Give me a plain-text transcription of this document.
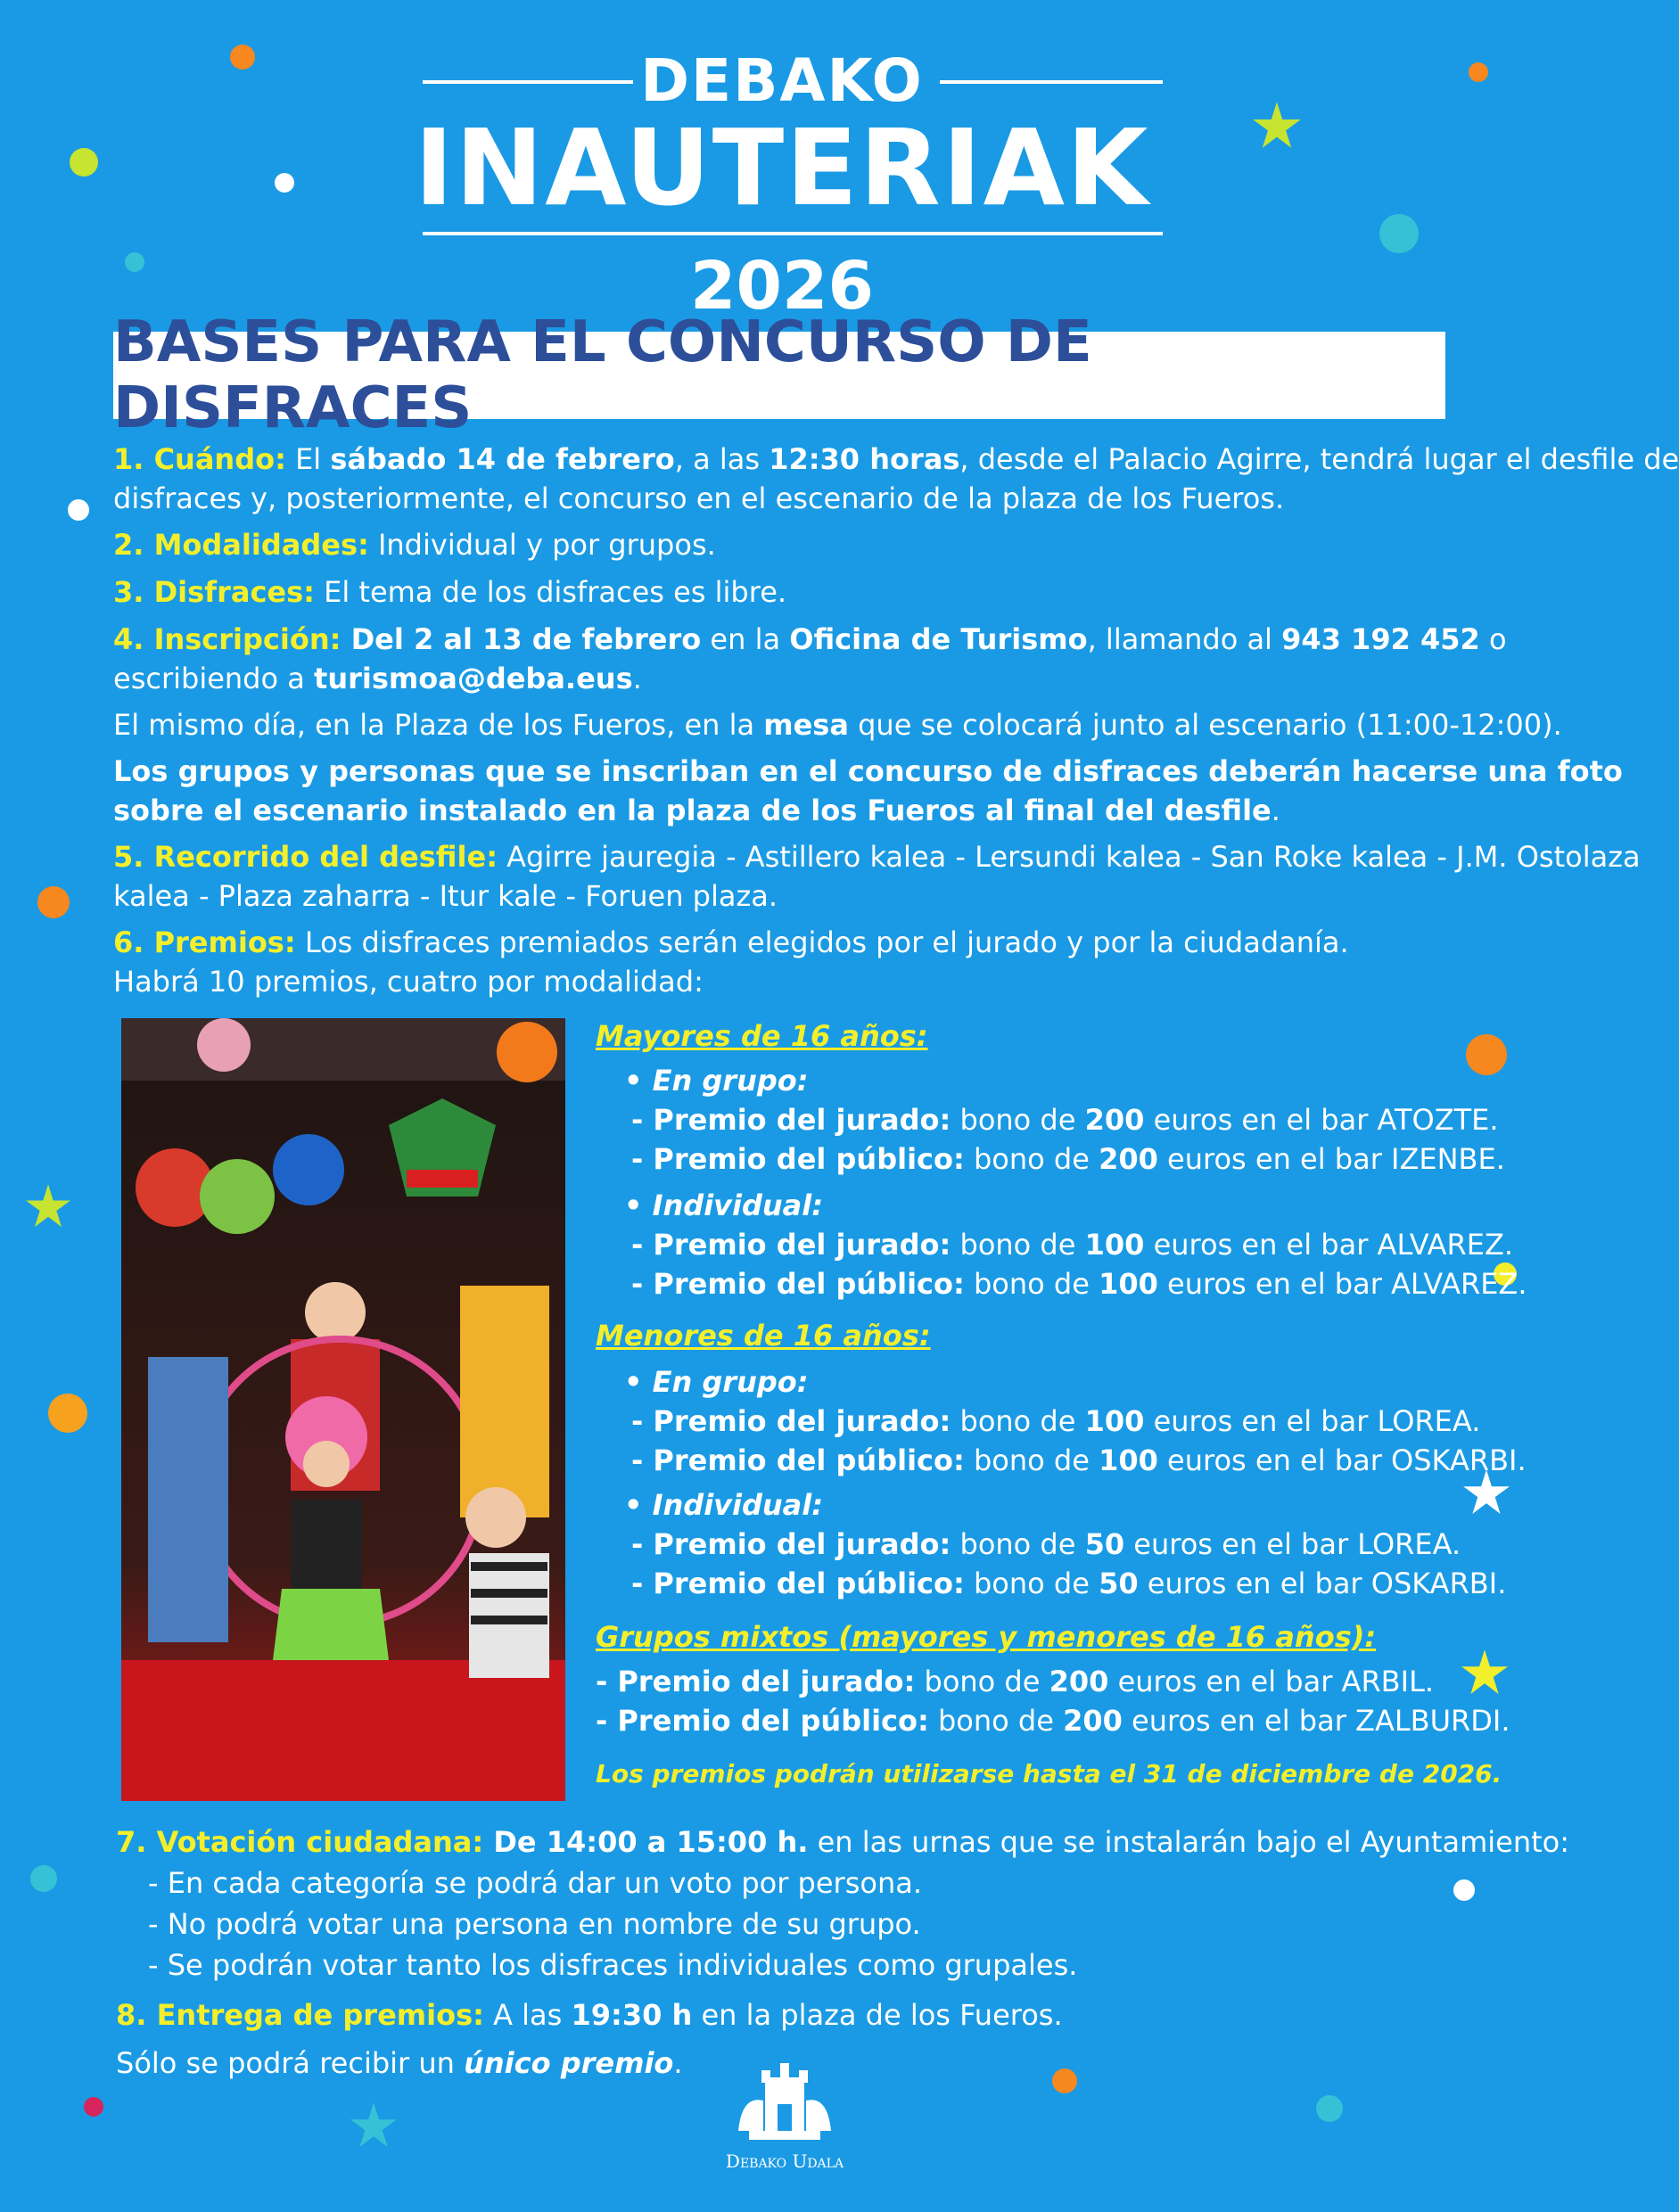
DEBAKO
INAUTERIAK
2026
BASES PARA EL CONCURSO DE DISFRACES
1. Cuándo: El sábado 14 de febrero, a las 12:30 horas, desde el Palacio Agirre, tendrá lugar el desfile de
disfraces y, posteriormente, el concurso en el escenario de la plaza de los Fueros.
2. Modalidades: Individual y por grupos.
3. Disfraces: El tema de los disfraces es libre.
4. Inscripción: Del 2 al 13 de febrero en la Oficina de Turismo, llamando al 943 192 452 o
escribiendo a turismoa@deba.eus.
El mismo día, en la Plaza de los Fueros, en la mesa que se colocará junto al escenario (11:00-12:00).
Los grupos y personas que se inscriban en el concurso de disfraces deberán hacerse una foto
sobre el escenario instalado en la plaza de los Fueros al final del desfile.
5. Recorrido del desfile: Agirre jauregia - Astillero kalea - Lersundi kalea - San Roke kalea - J.M. Ostolaza
kalea - Plaza zaharra - Itur kale - Foruen plaza.
6. Premios: Los disfraces premiados serán elegidos por el jurado y por la ciudadanía.
Habrá 10 premios, cuatro por modalidad:
Mayores de 16 años:
• En grupo:
- Premio del jurado: bono de 200 euros en el bar ATOZTE.
- Premio del público: bono de 200 euros en el bar IZENBE.
• Individual:
- Premio del jurado: bono de 100 euros en el bar ALVAREZ.
- Premio del público: bono de 100 euros en el bar ALVAREZ.
Menores de 16 años:
• En grupo:
- Premio del jurado: bono de 100 euros en el bar LOREA.
- Premio del público: bono de 100 euros en el bar OSKARBI.
• Individual:
- Premio del jurado: bono de 50 euros en el bar LOREA.
- Premio del público: bono de 50 euros en el bar OSKARBI.
Grupos mixtos (mayores y menores de 16 años):
- Premio del jurado: bono de 200 euros en el bar ARBIL.
- Premio del público: bono de 200 euros en el bar ZALBURDI.
Los premios podrán utilizarse hasta el 31 de diciembre de 2026.
7. Votación ciudadana: De 14:00 a 15:00 h. en las urnas que se instalarán bajo el Ayuntamiento:
- En cada categoría se podrá dar un voto por persona.
- No podrá votar una persona en nombre de su grupo.
- Se podrán votar tanto los disfraces individuales como grupales.
8. Entrega de premios: A las 19:30 h en la plaza de los Fueros.
Sólo se podrá recibir un único premio.
Debako Udala
